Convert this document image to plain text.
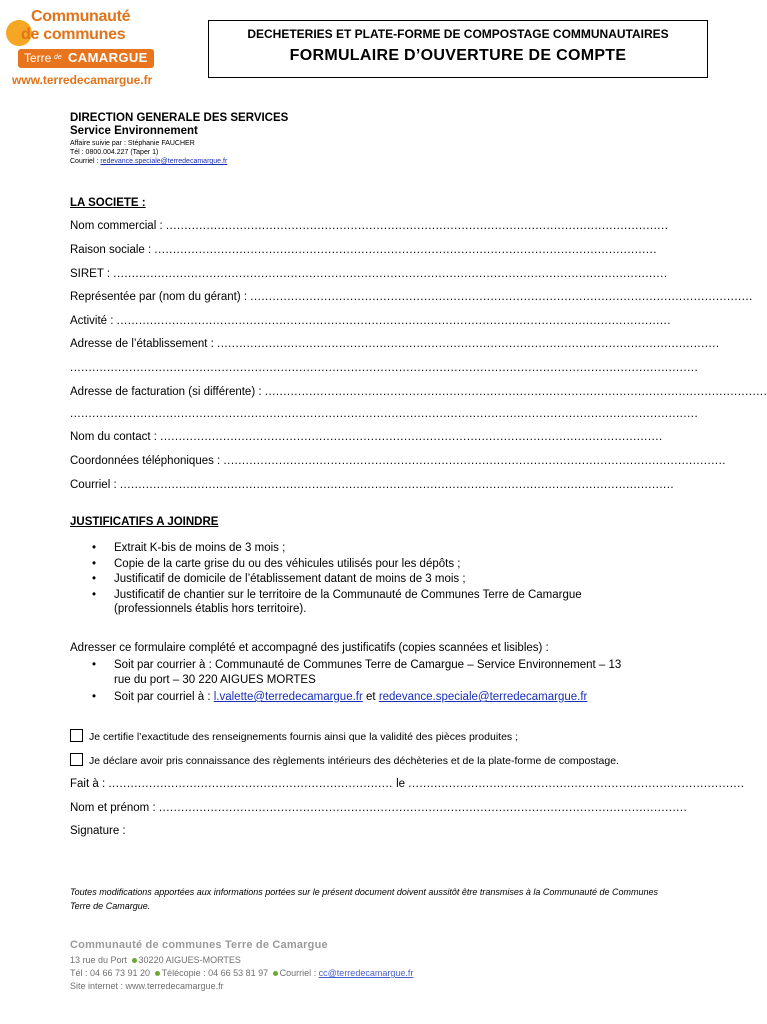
Communauté
de communes
Terre de CAMARGUE
www.terredecamargue.fr
DECHETERIES ET PLATE-FORME DE COMPOSTAGE COMMUNAUTAIRES
FORMULAIRE D’OUVERTURE DE COMPTE
DIRECTION GENERALE DES SERVICES
Service Environnement
Affaire suivie par : Stéphanie FAUCHER
Tél : 0800.004.227 (Taper 1)
Courriel : redevance.speciale@terredecamargue.fr
LA SOCIETE :
Nom commercial : ........................................................................................................................................
Raison sociale : ........................................................................................................................................
SIRET : ......................................................................................................................................................
Représentée par (nom du gérant) : ........................................................................................................................................
Activité : ......................................................................................................................................................
Adresse de l’établissement : ........................................................................................................................................
..........................................................................................................................................................................
Adresse de facturation (si différente) : ........................................................................................................................................
..........................................................................................................................................................................
Nom du contact : ........................................................................................................................................
Coordonnées téléphoniques : ........................................................................................................................................
Courriel : ......................................................................................................................................................
JUSTIFICATIFS A JOINDRE
• Extrait K-bis de moins de 3 mois ;
• Copie de la carte grise du ou des véhicules utilisés pour les dépôts ;
• Justificatif de domicile de l’établissement datant de moins de 3 mois ;
• Justificatif de chantier sur le territoire de la Communauté de Communes Terre de Camargue (professionnels établis hors territoire).
Adresser ce formulaire complété et accompagné des justificatifs (copies scannées et lisibles) :
• Soit par courrier à : Communauté de Communes Terre de Camargue – Service Environnement – 13 rue du port – 30 220 AIGUES MORTES
• Soit par courriel à : l.valette@terredecamargue.fr et redevance.speciale@terredecamargue.fr
Je certifie l’exactitude des renseignements fournis ainsi que la validité des pièces produites ;
Je déclare avoir pris connaissance des règlements intérieurs des déchèteries et de la plate-forme de compostage.
Fait à : ............................................................................. le ...........................................................................................
Nom et prénom : ...............................................................................................................................................
Signature :
Toutes modifications apportées aux informations portées sur le présent document doivent aussitôt être transmises à la Communauté de Communes Terre de Camargue.
Communauté de communes Terre de Camargue
13 rue du Port 30220 AIGUES-MORTES
Tél : 04 66 73 91 20 Télécopie : 04 66 53 81 97 Courriel : cc@terredecamargue.fr
Site internet : www.terredecamargue.fr
